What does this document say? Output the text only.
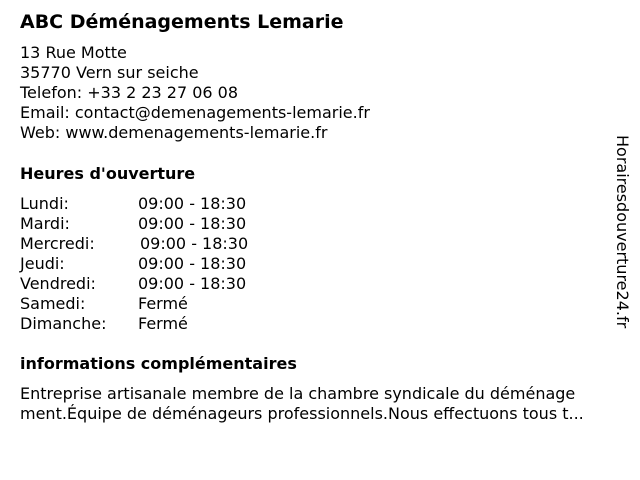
ABC Déménagements Lemarie
13 Rue Motte
35770 Vern sur seiche
Telefon: +33 2 23 27 06 08
Email: contact@demenagements-lemarie.fr
Web: www.demenagements-lemarie.fr
Heures d'ouverture
Lundi:	09:00 - 18:30
Mardi:	09:00 - 18:30
Mercredi:	09:00 - 18:30
Jeudi:	09:00 - 18:30
Vendredi:	09:00 - 18:30
Samedi:	Fermé
Dimanche: Fermé
informations complémentaires
Entreprise artisanale membre de la chambre syndicale du déménage
ment.Équipe de déménageurs professionnels.Nous effectuons tous t...
Horairesdouverture24.fr
